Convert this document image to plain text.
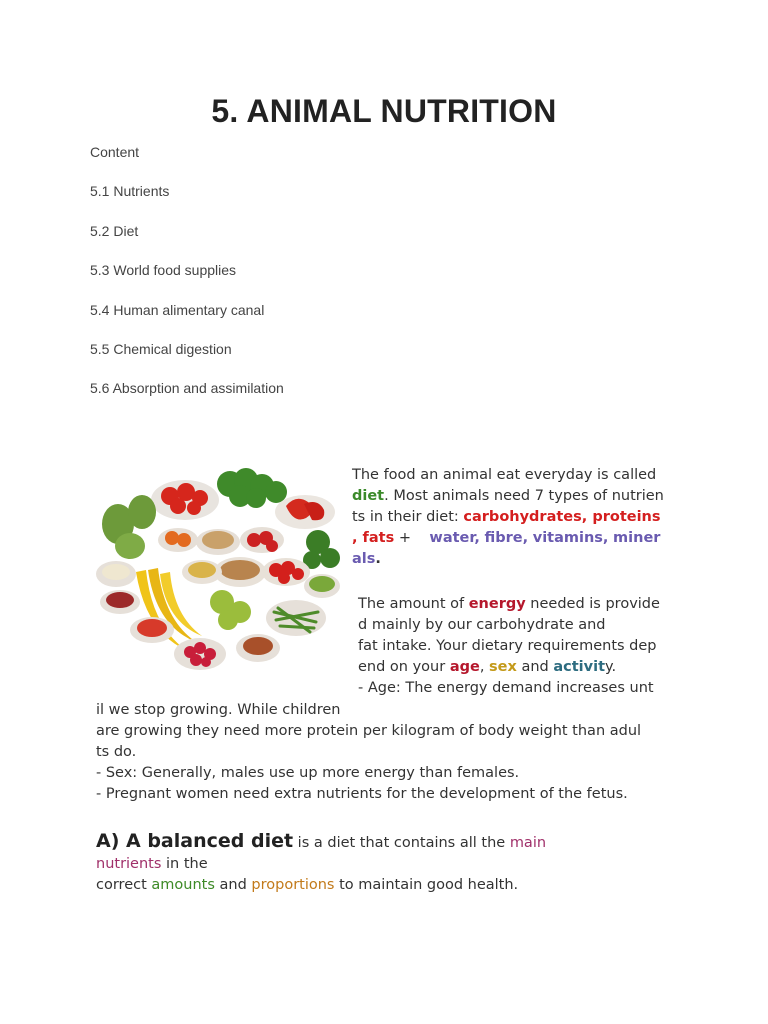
5. ANIMAL NUTRITION
Content
5.1 Nutrients
5.2 Diet
5.3 World food supplies
5.4 Human alimentary canal
5.5 Chemical digestion
5.6 Absorption and assimilation
The food an animal eat everyday is called
diet. Most animals need 7 types of nutrien
ts in their diet: carbohydrates, proteins
, fats + water, fibre, vitamins, miner
als.
The amount of energy needed is provide
d mainly by our carbohydrate and
fat intake. Your dietary requirements dep
end on your age, sex and activity.
- Age: The energy demand increases unt
il we stop growing. While children
are growing they need more protein per kilogram of body weight than adul
ts do.
- Sex: Generally, males use up more energy than females.
- Pregnant women need extra nutrients for the development of the fetus.
A) A balanced diet is a diet that contains all the main
nutrients in the
correct amounts and proportions to maintain good health.
